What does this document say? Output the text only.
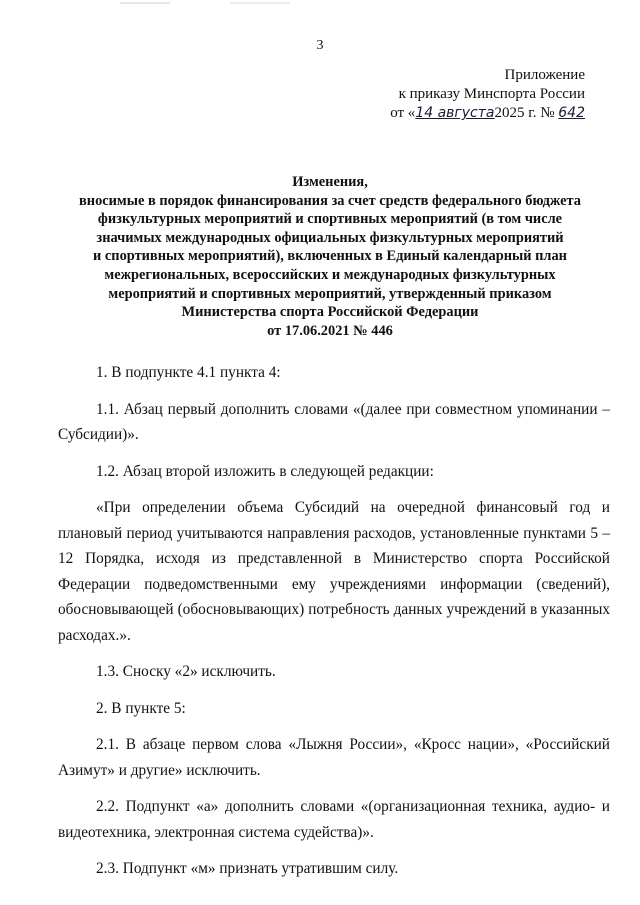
3
Приложение
к приказу Минспорта России
от «14 августа2025 г. № 642
Изменения,
вносимые в порядок финансирования за счет средств федерального бюджета
физкультурных мероприятий и спортивных мероприятий (в том числе
значимых международных официальных физкультурных мероприятий
и спортивных мероприятий), включенных в Единый календарный план
межрегиональных, всероссийских и международных физкультурных
мероприятий и спортивных мероприятий, утвержденный приказом
Министерства спорта Российской Федерации
от 17.06.2021 № 446

1. В подпункте 4.1 пункта 4:

1.1. Абзац первый дополнить словами «(далее при совместном упоминании – Субсидии)».

1.2. Абзац второй изложить в следующей редакции:

«При определении объема Субсидий на очередной финансовый год и плановый период учитываются направления расходов, установленные пунктами 5 – 12 Порядка, исходя из представленной в Министерство спорта Российской Федерации подведомственными ему учреждениями информации (сведений), обосновывающей (обосновывающих) потребность данных учреждений в указанных расходах.».

1.3. Сноску «2» исключить.

2. В пункте 5:

2.1. В абзаце первом слова «Лыжня России», «Кросс нации», «Российский Азимут» и другие» исключить.

2.2. Подпункт «а» дополнить словами «(организационная техника, аудио- и видеотехника, электронная система судейства)».

2.3. Подпункт «м» признать утратившим силу.
